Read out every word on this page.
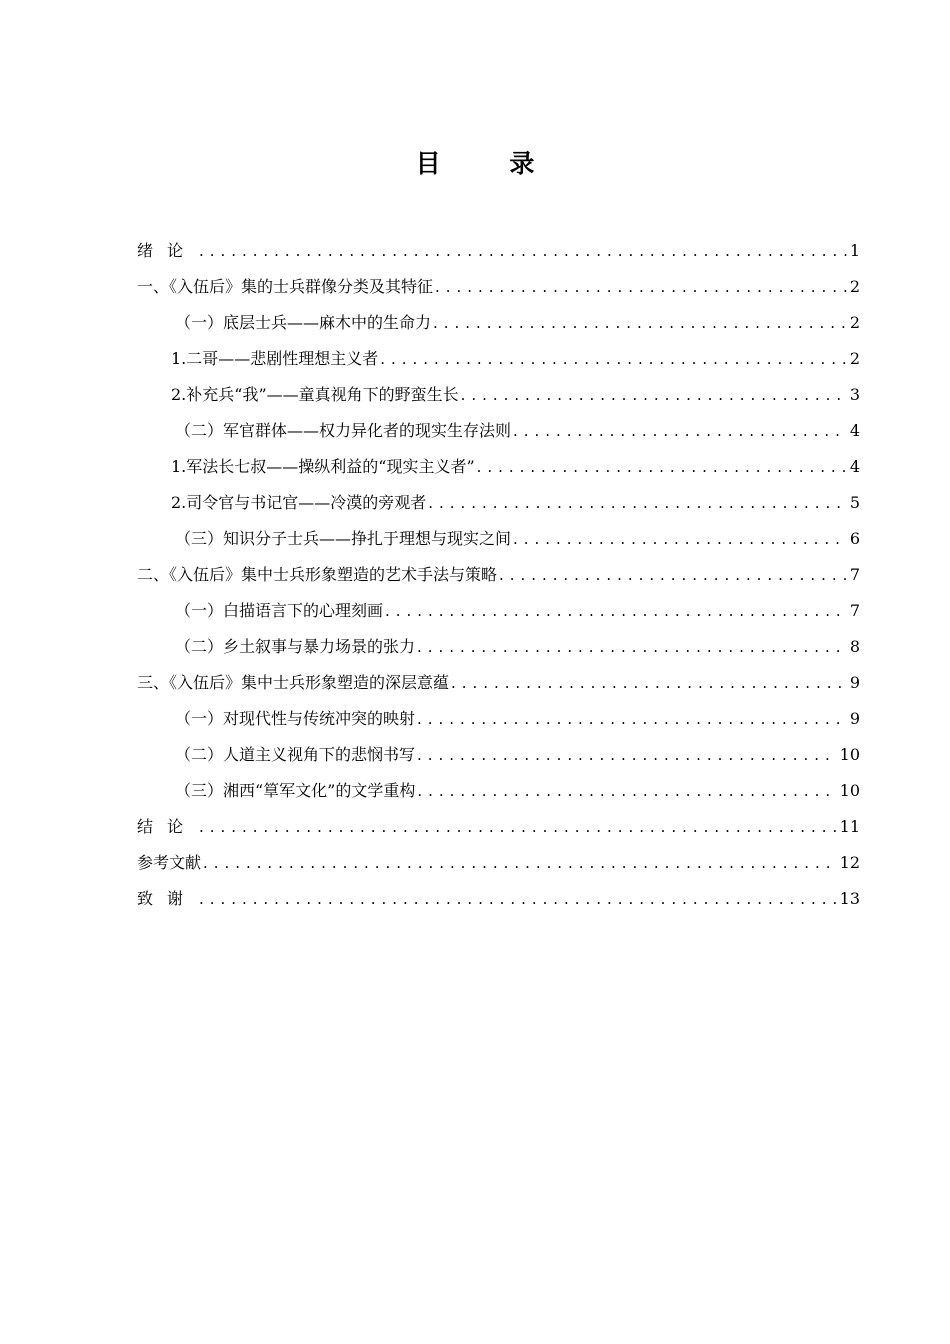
目 录
绪论 . . .	1
一、《入伍后》集的士兵群像分类及其特征 . . .	2
（一）底层士兵——麻木中的生命力 . . .	2
1.二哥——悲剧性理想主义者 . . .	2
2.补充兵“我”——童真视角下的野蛮生长 . . .	3
（二）军官群体——权力异化者的现实生存法则 . . .	4
1.军法长七叔——操纵利益的“现实主义者” . . .	4
2.司令官与书记官——冷漠的旁观者 . . .	5
（三）知识分子士兵——挣扎于理想与现实之间 . . .	6
二、《入伍后》集中士兵形象塑造的艺术手法与策略 . . .	7
（一）白描语言下的心理刻画 . . .	7
（二）乡土叙事与暴力场景的张力 . . .	8
三、《入伍后》集中士兵形象塑造的深层意蕴 . . .	9
（一）对现代性与传统冲突的映射 . . .	9
（二）人道主义视角下的悲悯书写 . . .	10
（三）湘西“筸军文化”的文学重构 . . .	10
结论 . . .	11
参考文献 . . .	12
致谢 . . .	13
